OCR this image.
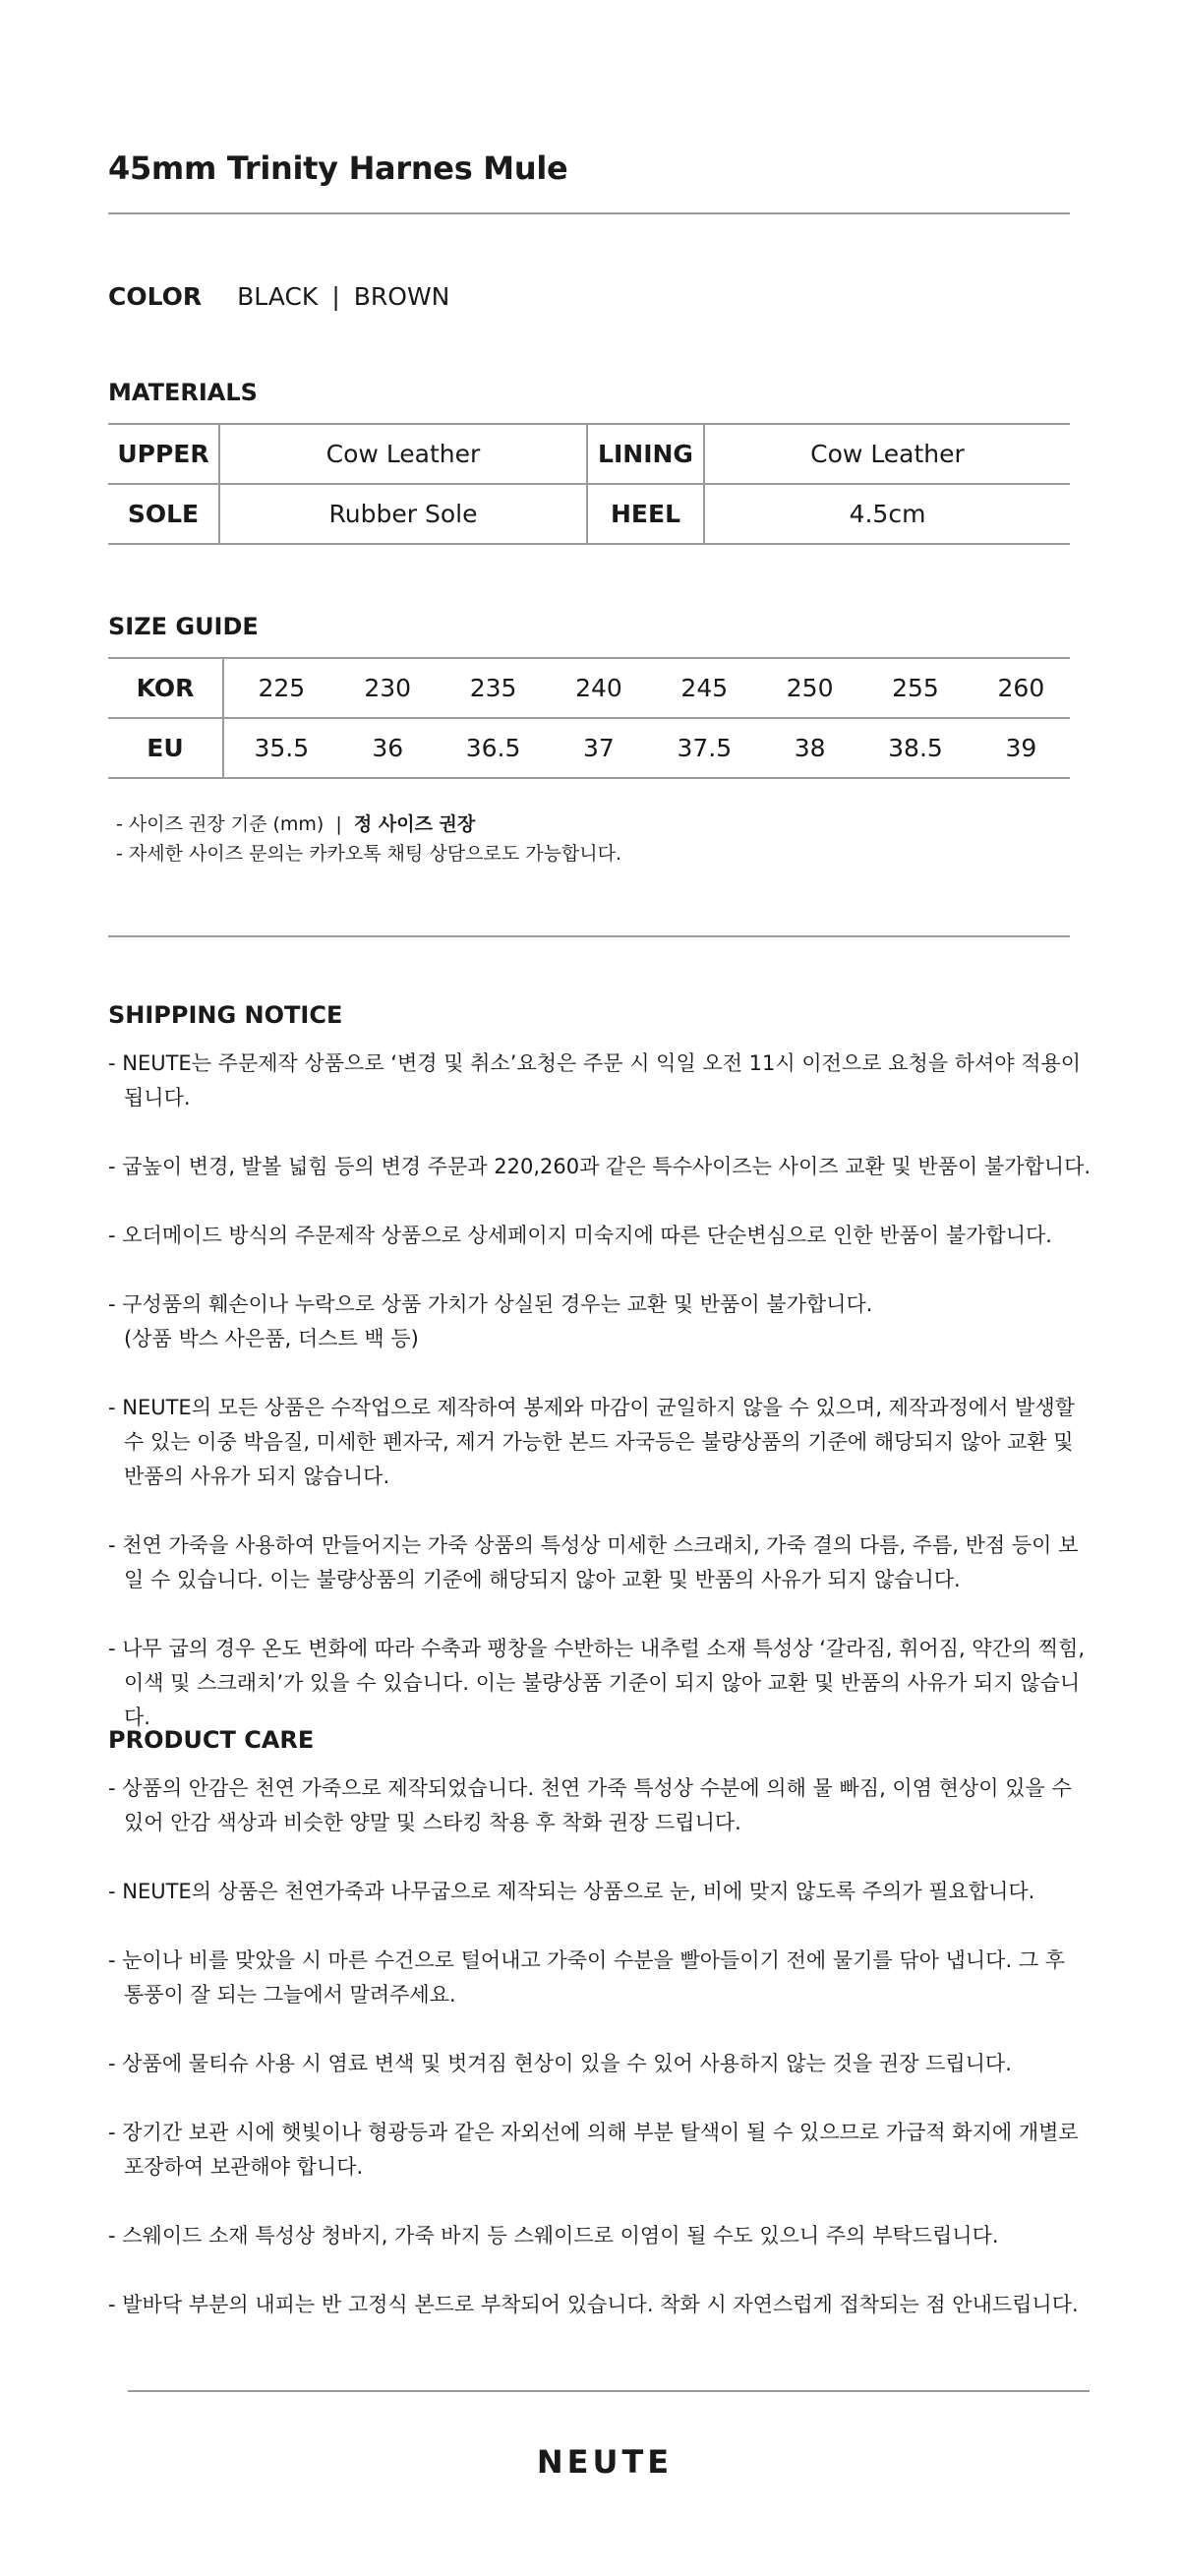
45mm Trinity Harnes Mule
COLOR BLACK | BROWN
MATERIALS
UPPER	Cow Leather	LINING	Cow Leather
SOLE	Rubber Sole	HEEL	4.5cm
SIZE GUIDE
KOR	225	230	235	240	245	250	255	260
EU	35.5	36	36.5	37	37.5	38	38.5	39
- 사이즈 권장 기준 (mm)  |  정 사이즈 권장
- 자세한 사이즈 문의는 카카오톡 채팅 상담으로도 가능합니다.
SHIPPING NOTICE
- NEUTE는 주문제작 상품으로 ‘변경 및 취소’요청은 주문 시 익일 오전 11시 이전으로 요청을 하셔야 적용이 됩니다.
- 굽높이 변경, 발볼 넓힘 등의 변경 주문과 220,260과 같은 특수사이즈는 사이즈 교환 및 반품이 불가합니다.
- 오더메이드 방식의 주문제작 상품으로 상세페이지 미숙지에 따른 단순변심으로 인한 반품이 불가합니다.
- 구성품의 훼손이나 누락으로 상품 가치가 상실된 경우는 교환 및 반품이 불가합니다.
(상품 박스 사은품, 더스트 백 등)
- NEUTE의 모든 상품은 수작업으로 제작하여 봉제와 마감이 균일하지 않을 수 있으며, 제작과정에서 발생할 수 있는 이중 박음질, 미세한 펜자국, 제거 가능한 본드 자국등은 불량상품의 기준에 해당되지 않아 교환 및 반품의 사유가 되지 않습니다.
- 천연 가죽을 사용하여 만들어지는 가죽 상품의 특성상 미세한 스크래치, 가죽 결의 다름, 주름, 반점 등이 보일 수 있습니다. 이는 불량상품의 기준에 해당되지 않아 교환 및 반품의 사유가 되지 않습니다.
- 나무 굽의 경우 온도 변화에 따라 수축과 팽창을 수반하는 내추럴 소재 특성상 ‘갈라짐, 휘어짐, 약간의 찍힘, 이색 및 스크래치’가 있을 수 있습니다. 이는 불량상품 기준이 되지 않아 교환 및 반품의 사유가 되지 않습니다.
PRODUCT CARE
- 상품의 안감은 천연 가죽으로 제작되었습니다. 천연 가죽 특성상 수분에 의해 물 빠짐, 이염 현상이 있을 수 있어 안감 색상과 비슷한 양말 및 스타킹 착용 후 착화 권장 드립니다.
- NEUTE의 상품은 천연가죽과 나무굽으로 제작되는 상품으로 눈, 비에 맞지 않도록 주의가 필요합니다.
- 눈이나 비를 맞았을 시 마른 수건으로 털어내고 가죽이 수분을 빨아들이기 전에 물기를 닦아 냅니다. 그 후 통풍이 잘 되는 그늘에서 말려주세요.
- 상품에 물티슈 사용 시 염료 변색 및 벗겨짐 현상이 있을 수 있어 사용하지 않는 것을 권장 드립니다.
- 장기간 보관 시에 햇빛이나 형광등과 같은 자외선에 의해 부분 탈색이 될 수 있으므로 가급적 화지에 개별로 포장하여 보관해야 합니다.
- 스웨이드 소재 특성상 청바지, 가죽 바지 등 스웨이드로 이염이 될 수도 있으니 주의 부탁드립니다.
- 발바닥 부분의 내피는 반 고정식 본드로 부착되어 있습니다. 착화 시 자연스럽게 접착되는 점 안내드립니다.
NEUTE
